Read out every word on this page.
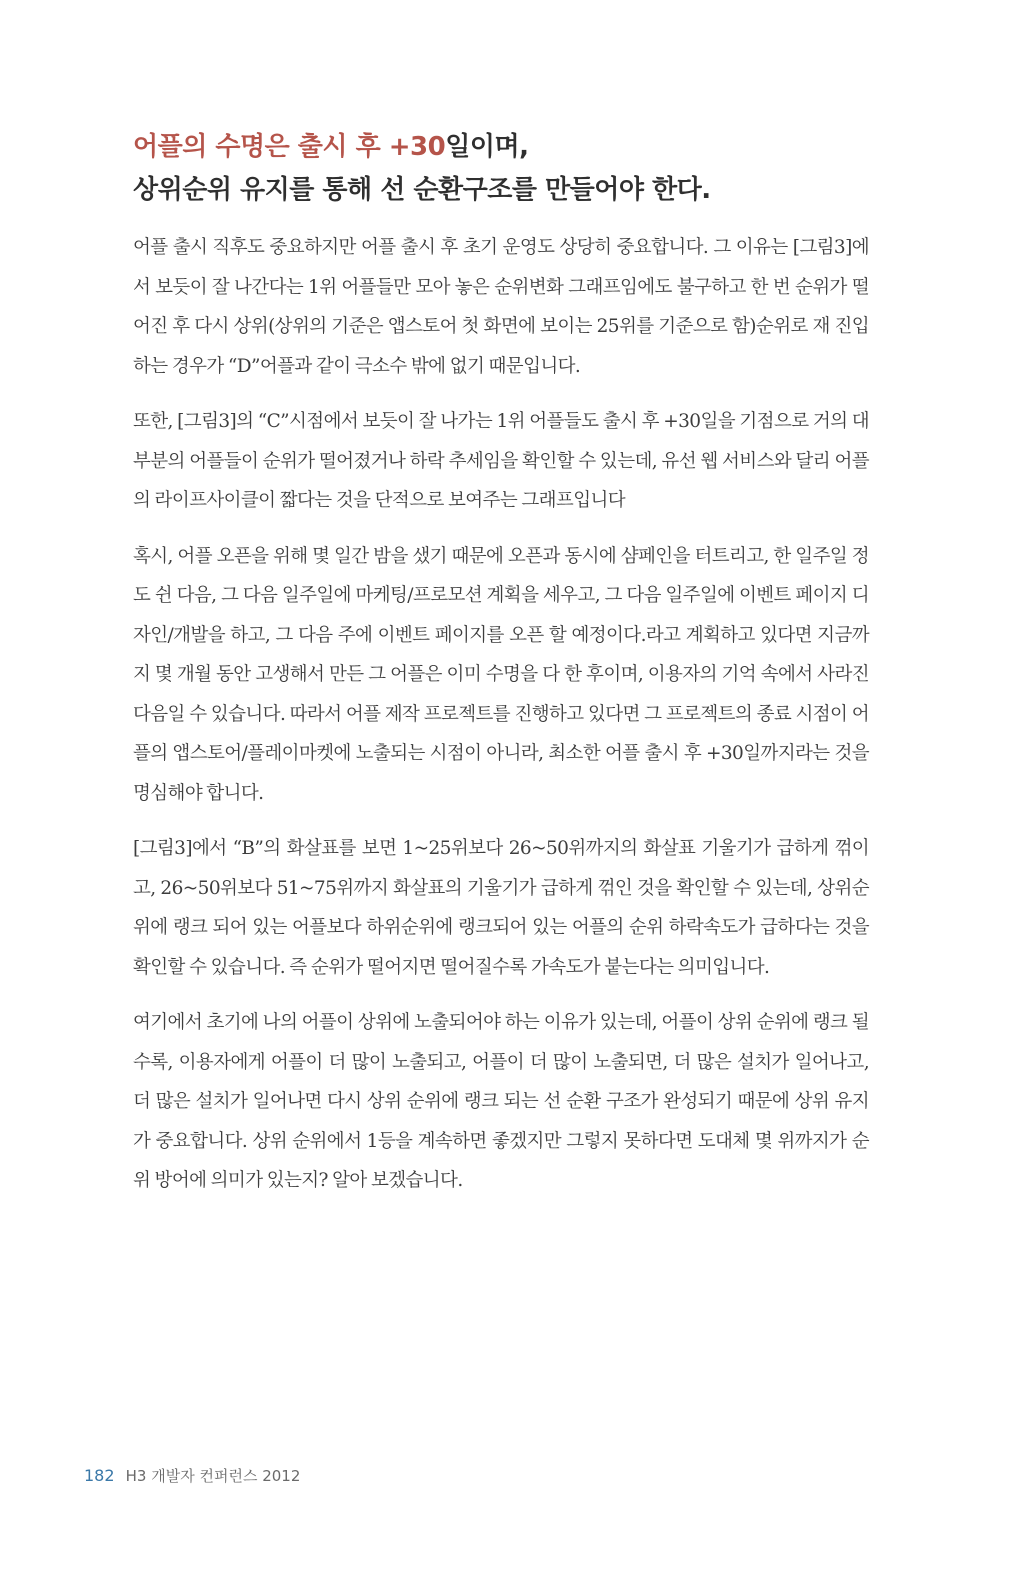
어플의 수명은 출시 후 +30일이며,
상위순위 유지를 통해 선 순환구조를 만들어야 한다.

어플 출시 직후도 중요하지만 어플 출시 후 초기 운영도 상당히 중요합니다. 그 이유는 [그림3]에서 보듯이 잘 나간다는 1위 어플들만 모아 놓은 순위변화 그래프임에도 불구하고 한 번 순위가 떨어진 후 다시 상위(상위의 기준은 앱스토어 첫 화면에 보이는 25위를 기준으로 함)순위로 재 진입하는 경우가 “D”어플과 같이 극소수 밖에 없기 때문입니다.

또한, [그림3]의 “C”시점에서 보듯이 잘 나가는 1위 어플들도 출시 후 +30일을 기점으로 거의 대부분의 어플들이 순위가 떨어졌거나 하락 추세임을 확인할 수 있는데, 유선 웹 서비스와 달리 어플의 라이프사이클이 짧다는 것을 단적으로 보여주는 그래프입니다

혹시, 어플 오픈을 위해 몇 일간 밤을 샜기 때문에 오픈과 동시에 샴페인을 터트리고, 한 일주일 정도 쉰 다음, 그 다음 일주일에 마케팅/프로모션 계획을 세우고, 그 다음 일주일에 이벤트 페이지 디자인/개발을 하고, 그 다음 주에 이벤트 페이지를 오픈 할 예정이다.라고 계획하고 있다면 지금까지 몇 개월 동안 고생해서 만든 그 어플은 이미 수명을 다 한 후이며, 이용자의 기억 속에서 사라진 다음일 수 있습니다. 따라서 어플 제작 프로젝트를 진행하고 있다면 그 프로젝트의 종료 시점이 어플의 앱스토어/플레이마켓에 노출되는 시점이 아니라, 최소한 어플 출시 후 +30일까지라는 것을 명심해야 합니다.

[그림3]에서 “B”의 화살표를 보면 1~25위보다 26~50위까지의 화살표 기울기가 급하게 꺾이고, 26~50위보다 51~75위까지 화살표의 기울기가 급하게 꺾인 것을 확인할 수 있는데, 상위순위에 랭크 되어 있는 어플보다 하위순위에 랭크되어 있는 어플의 순위 하락속도가 급하다는 것을 확인할 수 있습니다. 즉 순위가 떨어지면 떨어질수록 가속도가 붙는다는 의미입니다.

여기에서 초기에 나의 어플이 상위에 노출되어야 하는 이유가 있는데, 어플이 상위 순위에 랭크 될 수록, 이용자에게 어플이 더 많이 노출되고, 어플이 더 많이 노출되면, 더 많은 설치가 일어나고, 더 많은 설치가 일어나면 다시 상위 순위에 랭크 되는 선 순환 구조가 완성되기 때문에 상위 유지가 중요합니다. 상위 순위에서 1등을 계속하면 좋겠지만 그렇지 못하다면 도대체 몇 위까지가 순위 방어에 의미가 있는지? 알아 보겠습니다.

182 H3 개발자 컨퍼런스 2012
